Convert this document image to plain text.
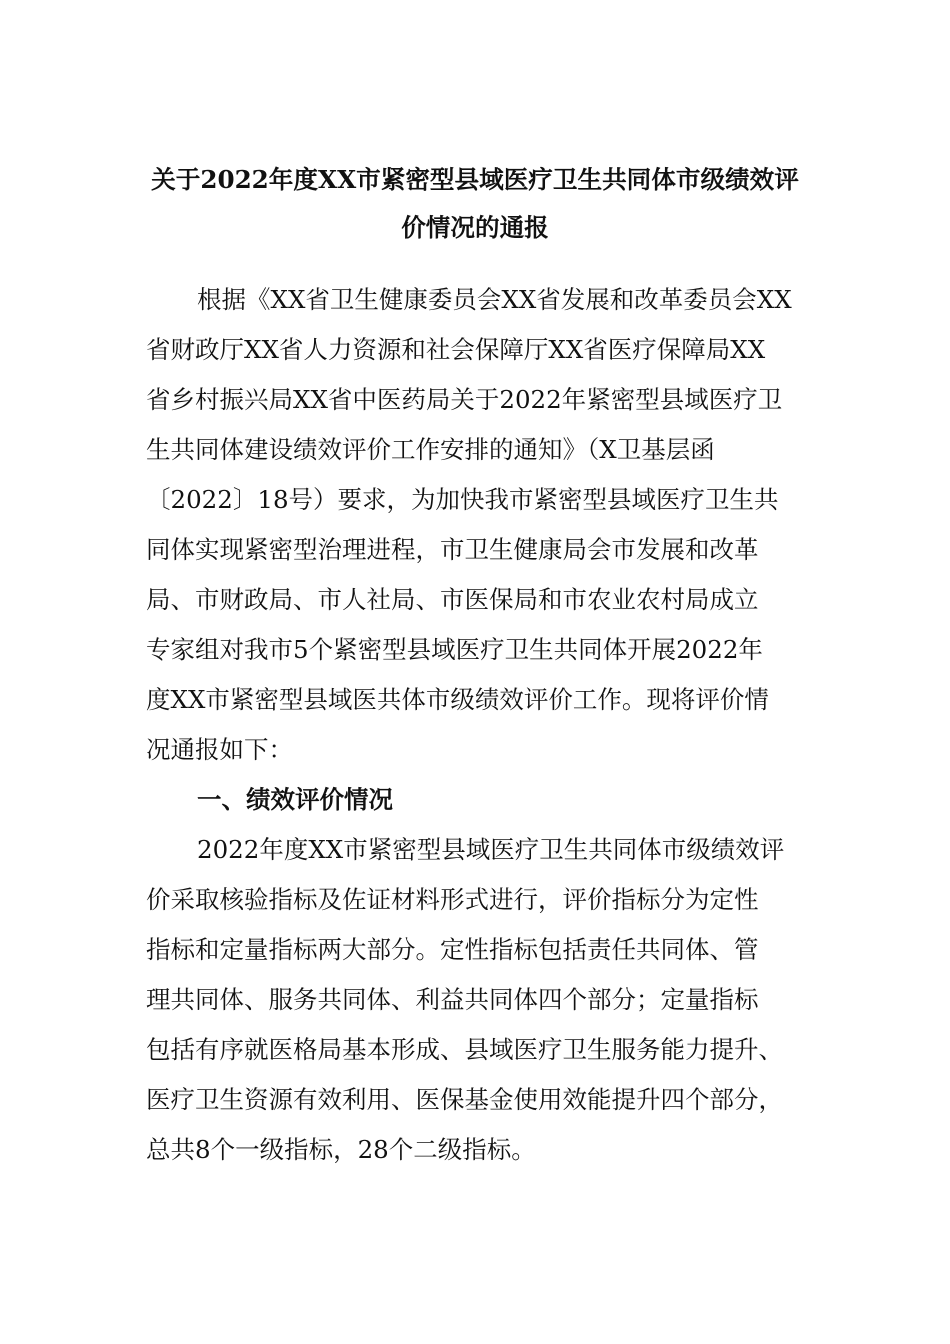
关于2022年度XX市紧密型县域医疗卫生共同体市级绩效评价情况的通报

根据《XX省卫生健康委员会XX省发展和改革委员会XX

省财政厅XX省人力资源和社会保障厅XX省医疗保障局XX

省乡村振兴局XX省中医药局关于2022年紧密型县域医疗卫

生共同体建设绩效评价工作安排的通知》（X卫基层函

〔2022〕18号）要求，为加快我市紧密型县域医疗卫生共

同体实现紧密型治理进程，市卫生健康局会市发展和改革

局、市财政局、市人社局、市医保局和市农业农村局成立

专家组对我市5个紧密型县域医疗卫生共同体开展2022年

度XX市紧密型县域医共体市级绩效评价工作。现将评价情

况通报如下：

一、绩效评价情况

2022年度XX市紧密型县域医疗卫生共同体市级绩效评

价采取核验指标及佐证材料形式进行，评价指标分为定性

指标和定量指标两大部分。定性指标包括责任共同体、管

理共同体、服务共同体、利益共同体四个部分；定量指标

包括有序就医格局基本形成、县域医疗卫生服务能力提升、

医疗卫生资源有效利用、医保基金使用效能提升四个部分，

总共8个一级指标，28个二级指标。
